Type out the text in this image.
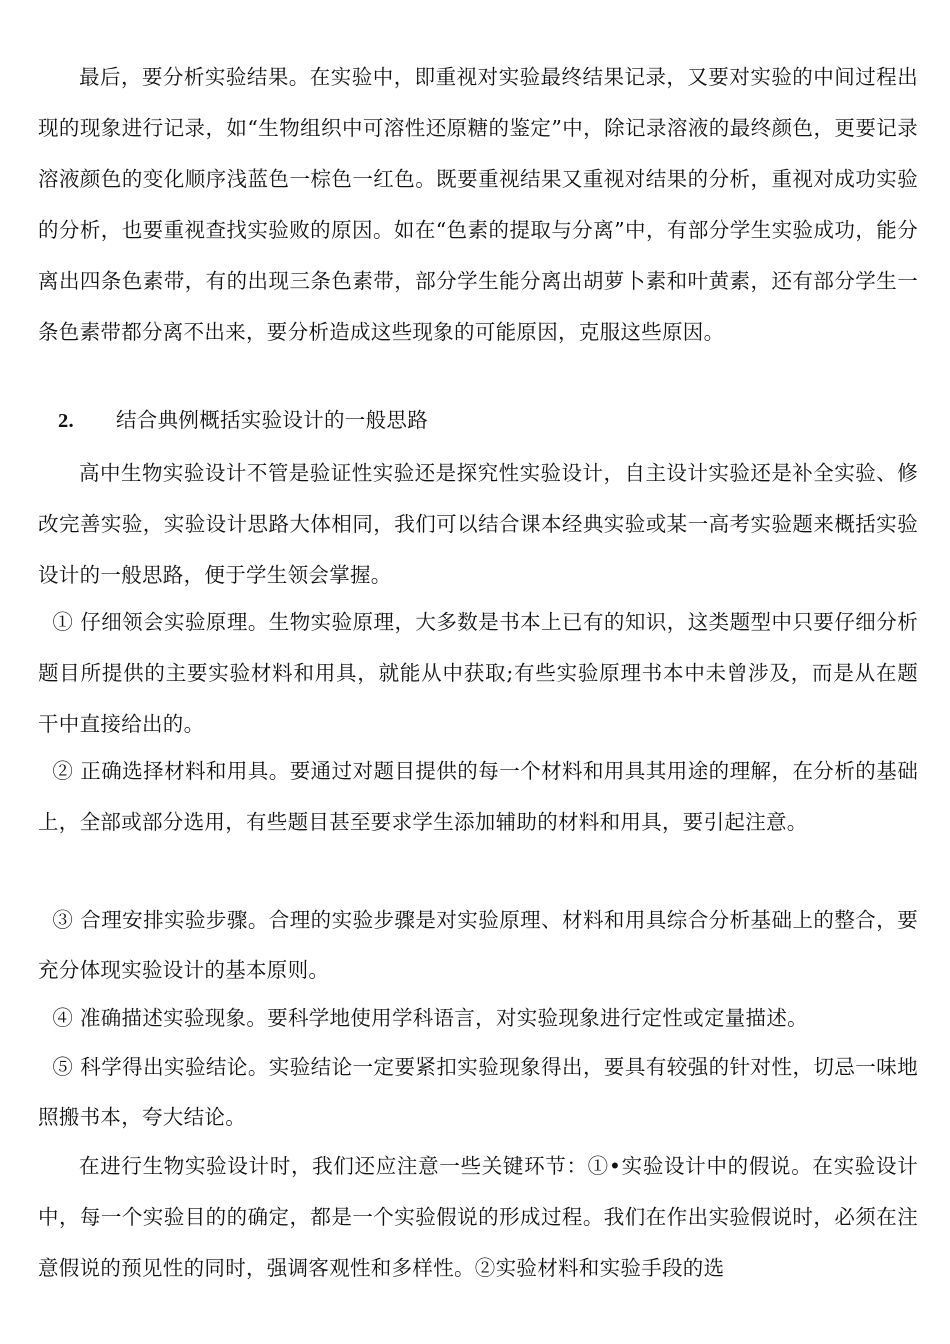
最后，要分析实验结果。在实验中，即重视对实验最终结果记录，又要对实验的中间过程出现的现象进行记录，如“生物组织中可溶性还原糖的鉴定”中，除记录溶液的最终颜色，更要记录溶液颜色的变化顺序浅蓝色一棕色一红色。既要重视结果又重视对结果的分析，重视对成功实验的分析，也要重视查找实验败的原因。如在“色素的提取与分离”中，有部分学生实验成功，能分离出四条色素带，有的出现三条色素带，部分学生能分离出胡萝卜素和叶黄素，还有部分学生一条色素带都分离不出来，要分析造成这些现象的可能原因，克服这些原因。

2. 结合典例概括实验设计的一般思路

高中生物实验设计不管是验证性实验还是探究性实验设计，自主设计实验还是补全实验、修改完善实验，实验设计思路大体相同，我们可以结合课本经典实验或某一高考实验题来概括实验设计的一般思路，便于学生领会掌握。

① 仔细领会实验原理。生物实验原理，大多数是书本上已有的知识，这类题型中只要仔细分析题目所提供的主要实验材料和用具，就能从中获取;有些实验原理书本中未曾涉及，而是从在题干中直接给出的。

② 正确选择材料和用具。要通过对题目提供的每一个材料和用具其用途的理解，在分析的基础上，全部或部分选用，有些题目甚至要求学生添加辅助的材料和用具，要引起注意。

③ 合理安排实验步骤。合理的实验步骤是对实验原理、材料和用具综合分析基础上的整合，要充分体现实验设计的基本原则。

④ 准确描述实验现象。要科学地使用学科语言，对实验现象进行定性或定量描述。

⑤ 科学得出实验结论。实验结论一定要紧扣实验现象得出，要具有较强的针对性，切忌一味地照搬书本，夸大结论。

在进行生物实验设计时，我们还应注意一些关键环节：①•实验设计中的假说。在实验设计中，每一个实验目的的确定，都是一个实验假说的形成过程。我们在作出实验假说时，必须在注意假说的预见性的同时，强调客观性和多样性。②实验材料和实验手段的选
